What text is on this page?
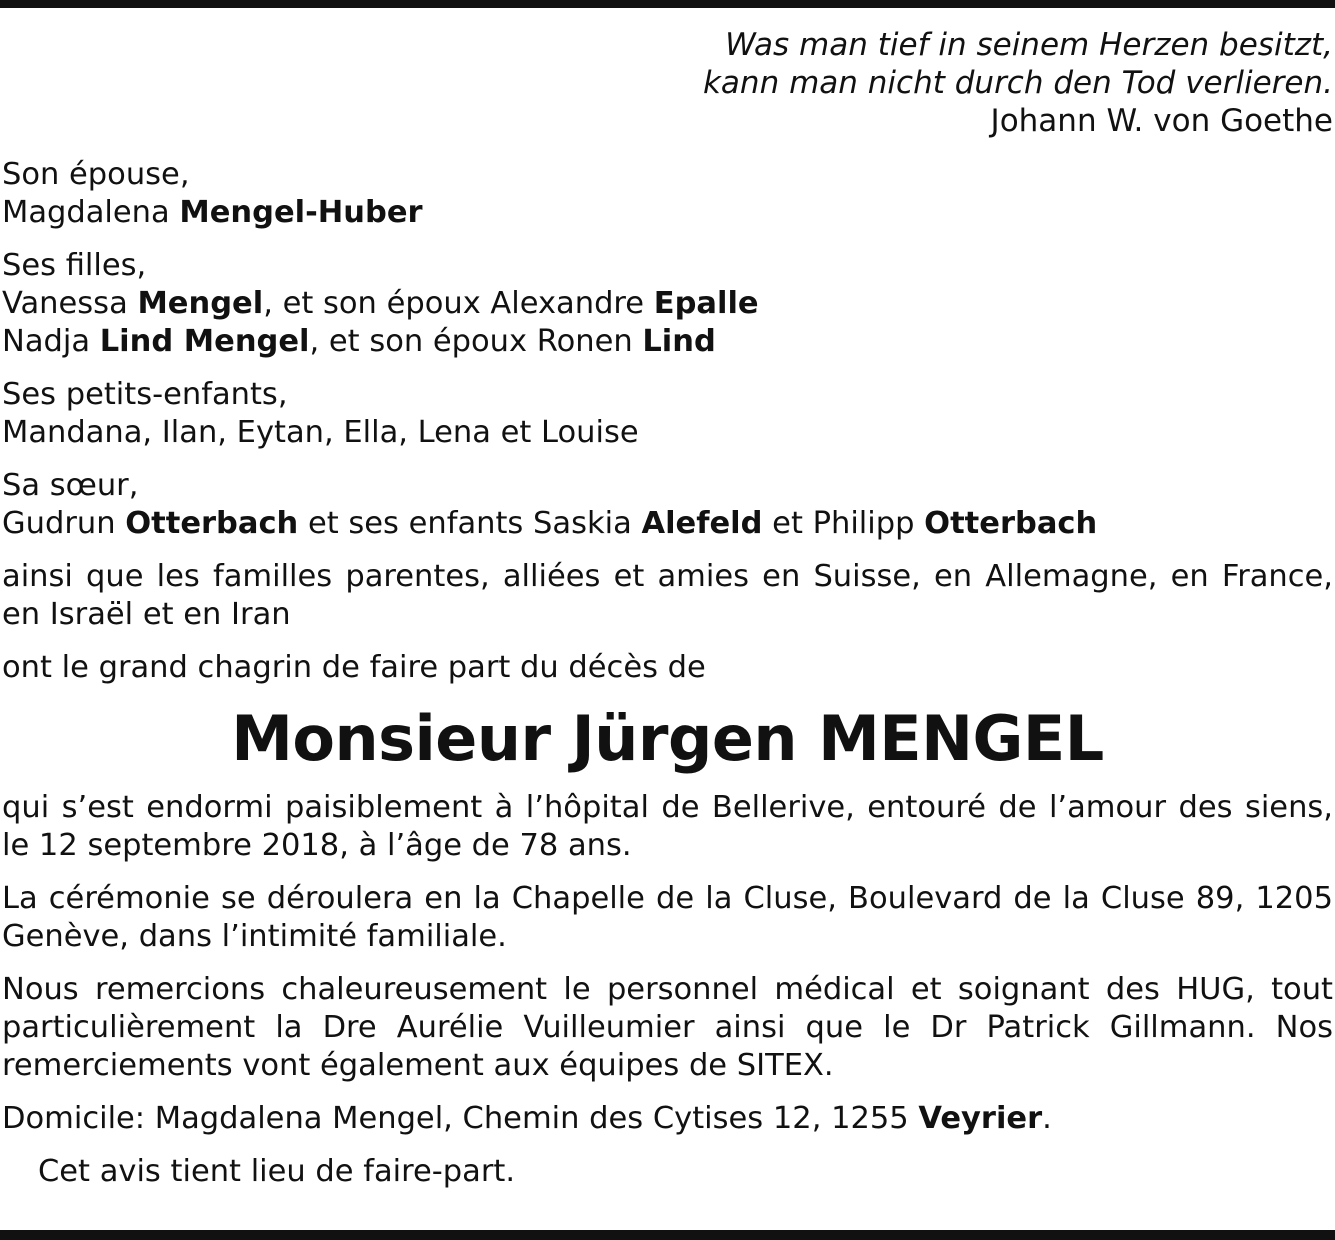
Was man tief in seinem Herzen besitzt,
kann man nicht durch den Tod verlieren.
Johann W. von Goethe

Son épouse,

Magdalena Mengel-Huber

Ses filles,

Vanessa Mengel, et son époux Alexandre Epalle

Nadja Lind Mengel, et son époux Ronen Lind

Ses petits-enfants,

Mandana, Ilan, Eytan, Ella, Lena et Louise

Sa sœur,

Gudrun Otterbach et ses enfants Saskia Alefeld et Philipp Otterbach

ainsi que les familles parentes, alliées et amies en Suisse, en Allemagne, en France, en Israël et en Iran

ont le grand chagrin de faire part du décès de

Monsieur Jürgen MENGEL

qui s’est endormi paisiblement à l’hôpital de Bellerive, entouré de l’amour des siens, le 12 septembre 2018, à l’âge de 78 ans.

La cérémonie se déroulera en la Chapelle de la Cluse, Boulevard de la Cluse 89, 1205 Genève, dans l’intimité familiale.

Nous remercions chaleureusement le personnel médical et soignant des HUG, tout particulièrement la Dre Aurélie Vuilleumier ainsi que le Dr Patrick Gillmann. Nos remerciements vont également aux équipes de SITEX.

Domicile: Magdalena Mengel, Chemin des Cytises 12, 1255 Veyrier.

Cet avis tient lieu de faire-part.
